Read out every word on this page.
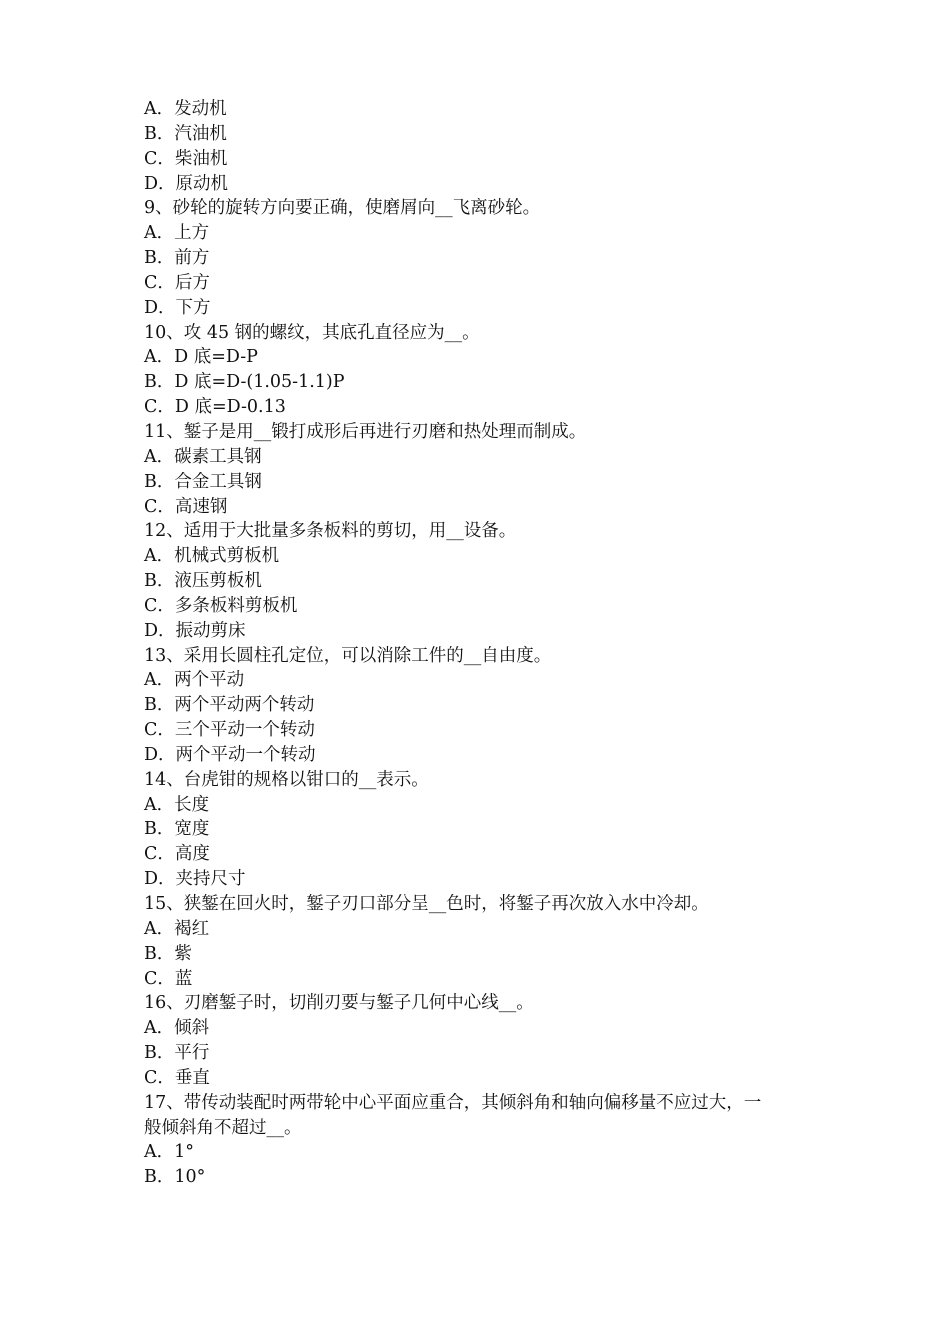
A．发动机
B．汽油机
C．柴油机
D．原动机
9、砂轮的旋转方向要正确，使磨屑向__飞离砂轮。
A．上方
B．前方
C．后方
D．下方
10、攻 45 钢的螺纹，其底孔直径应为__。
A．D 底=D-P
B．D 底=D-(1.05-1.1)P
C．D 底=D-0.13
11、錾子是用__锻打成形后再进行刃磨和热处理而制成。
A．碳素工具钢
B．合金工具钢
C．高速钢
12、适用于大批量多条板料的剪切，用__设备。
A．机械式剪板机
B．液压剪板机
C．多条板料剪板机
D．振动剪床
13、采用长圆柱孔定位，可以消除工件的__自由度。
A．两个平动
B．两个平动两个转动
C．三个平动一个转动
D．两个平动一个转动
14、台虎钳的规格以钳口的__表示。
A．长度
B．宽度
C．高度
D．夹持尺寸
15、狭錾在回火时，錾子刃口部分呈__色时，将錾子再次放入水中冷却。
A．褐红
B．紫
C．蓝
16、刃磨錾子时，切削刃要与錾子几何中心线__。
A．倾斜
B．平行
C．垂直
17、带传动装配时两带轮中心平面应重合，其倾斜角和轴向偏移量不应过大，一
般倾斜角不超过__。
A．1°
B．10°
